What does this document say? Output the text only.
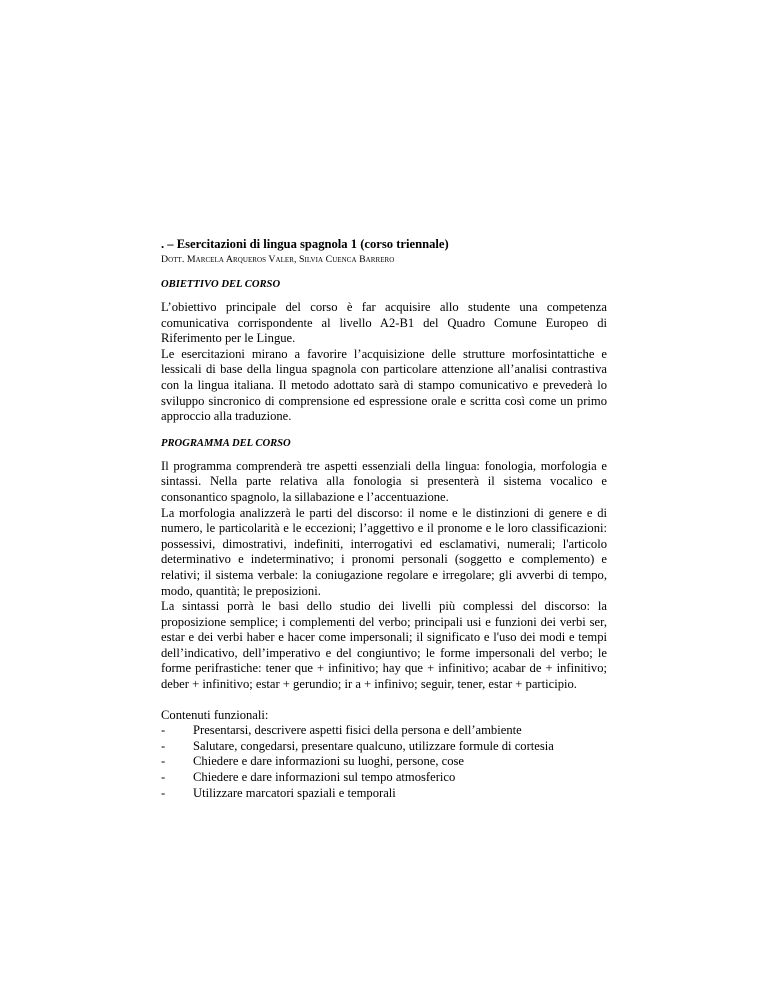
. – Esercitazioni di lingua spagnola 1 (corso triennale)

Dott. Marcela Arqueros Valer, Silvia Cuenca Barrero

OBIETTIVO DEL CORSO

L’obiettivo principale del corso è far acquisire allo studente una competenza comunicativa corrispondente al livello A2-B1 del Quadro Comune Europeo di Riferimento per le Lingue.

Le esercitazioni mirano a favorire l’acquisizione delle strutture morfosintattiche e lessicali di base della lingua spagnola con particolare attenzione all’analisi contrastiva con la lingua italiana. Il metodo adottato sarà di stampo comunicativo e prevederà lo sviluppo sincronico di comprensione ed espressione orale e scritta così come un primo approccio alla traduzione.

PROGRAMMA DEL CORSO

Il programma comprenderà tre aspetti essenziali della lingua: fonologia, morfologia e sintassi. Nella parte relativa alla fonologia si presenterà il sistema vocalico e consonantico spagnolo, la sillabazione e l’accentuazione.

La morfologia analizzerà le parti del discorso: il nome e le distinzioni di genere e di numero, le particolarità e le eccezioni; l’aggettivo e il pronome e le loro classificazioni: possessivi, dimostrativi, indefiniti, interrogativi ed esclamativi, numerali; l'articolo determinativo e indeterminativo; i pronomi personali (soggetto e complemento) e relativi; il sistema verbale: la coniugazione regolare e irregolare; gli avverbi di tempo, modo, quantità; le preposizioni.

La sintassi porrà le basi dello studio dei livelli più complessi del discorso: la proposizione semplice; i complementi del verbo; principali usi e funzioni dei verbi ser, estar e dei verbi haber e hacer come impersonali; il significato e l'uso dei modi e tempi dell’indicativo, dell’imperativo e del congiuntivo; le forme impersonali del verbo; le forme perifrastiche: tener que + infinitivo; hay que + infinitivo; acabar de + infinitivo; deber + infinitivo; estar + gerundio; ir a + infinivo; seguir, tener, estar + participio.

Contenuti funzionali:

- Presentarsi, descrivere aspetti fisici della persona e dell’ambiente
- Salutare, congedarsi, presentare qualcuno, utilizzare formule di cortesia
- Chiedere e dare informazioni su luoghi, persone, cose
- Chiedere e dare informazioni sul tempo atmosferico
- Utilizzare marcatori spaziali e temporali
